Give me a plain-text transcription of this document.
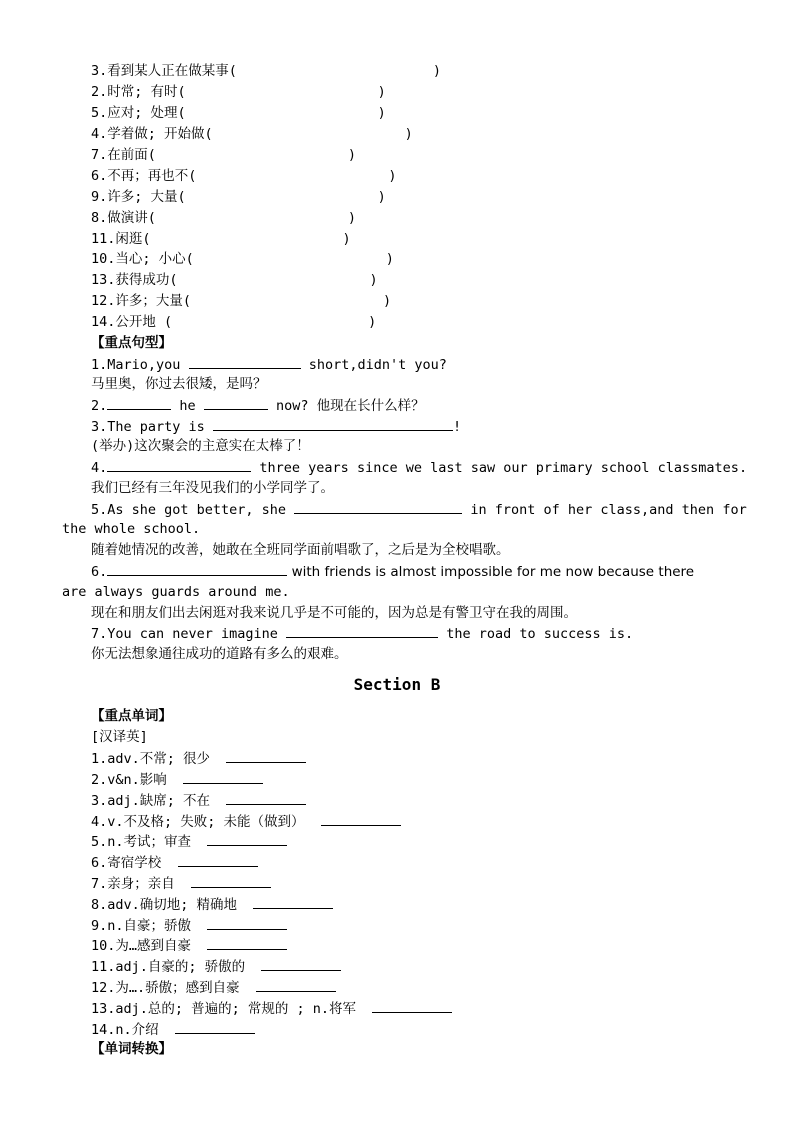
3.看到某人正在做某事(	)
2.时常; 有时(	)
5.应对; 处理(	)
4.学着做; 开始做(	)
7.在前面(	)
6.不再；再也不(	)
9.许多; 大量(	)
8.做演讲(	)
11.闲逛(	)
10.当心; 小心(	)
13.获得成功(	)
12.许多；大量(	)
14.公开地 (	)
【重点句型】
1.Mario,you	short,didn't you?
马里奥，你过去很矮，是吗？
2.	he	now? 他现在长什么样？
3.The party is	!
(举办)这次聚会的主意实在太棒了！
4.	three years since we last saw our primary school classmates.
我们已经有三年没见我们的小学同学了。
5.As she got better, she	in front of her class,and then for
the whole school.
随着她情况的改善，她敢在全班同学面前唱歌了，之后是为全校唱歌。
6.	with friends is almost impossible for me now because there
are always guards around me.
现在和朋友们出去闲逛对我来说几乎是不可能的，因为总是有警卫守在我的周围。
7.You can never imagine	the road to success is.
你无法想象通往成功的道路有多么的艰难。
Section B
【重点单词】
[汉译英]
1.adv.不常; 很少
2.v&n.影响
3.adj.缺席; 不在
4.v.不及格; 失败; 未能（做到）
5.n.考试；审查
6.寄宿学校
7.亲身；亲自
8.adv.确切地; 精确地
9.n.自豪；骄傲
10.为…感到自豪
11.adj.自豪的; 骄傲的
12.为….骄傲；感到自豪
13.adj.总的; 普遍的; 常规的 ; n.将军
14.n.介绍
【单词转换】
